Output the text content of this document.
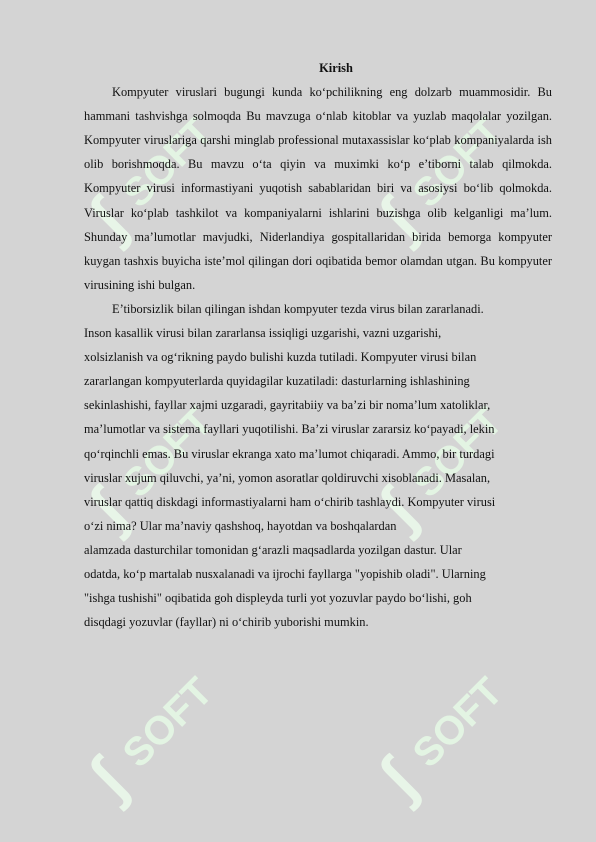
ʃ
SOFT
ʃ
SOFT
ʃ
SOFT
ʃ
SOFT
ʃ
SOFT
ʃ
SOFT

Kirish

Kompyuter viruslari bugungi kunda ko‘pchilikning eng dolzarb muammosidir. Bu hammani tashvishga solmoqda Bu mavzuga o‘nlab kitoblar va yuzlab maqolalar yozilgan. Kompyuter viruslariga qarshi minglab professional mutaxassislar ko‘plab kompaniyalarda ish olib borishmoqda. Bu mavzu o‘ta qiyin va muximki ko‘p e’tiborni talab qilmokda. Kompyuter virusi informastiyani yuqotish sabablaridan biri va asosiysi bo‘lib qolmokda. Viruslar ko‘plab tashkilot va kompaniyalarni ishlarini buzishga olib kelganligi ma’lum. Shunday ma’lumotlar mavjudki, Niderlandiya gospitallaridan birida bemorga kompyuter kuygan tashxis buyicha iste’mol qilingan dori oqibatida bemor olamdan utgan. Bu kompyuter virusining ishi bulgan.

E’tiborsizlik bilan qilingan ishdan kompyuter tezda virus bilan zararlanadi.
Inson kasallik virusi bilan zararlansa issiqligi uzgarishi, vazni uzgarishi,
xolsizlanish va og‘rikning paydo bulishi kuzda tutiladi. Kompyuter virusi bilan
zararlangan kompyuterlarda quyidagilar kuzatiladi: dasturlarning ishlashining
sekinlashishi, fayllar xajmi uzgaradi, gayritabiiy va ba’zi bir noma’lum xatoliklar,
ma’lumotlar va sistema fayllari yuqotilishi. Ba’zi viruslar zararsiz ko‘payadi, lekin
qo‘rqinchli emas. Bu viruslar ekranga xato ma’lumot chiqaradi. Ammo, bir turdagi
viruslar xujum qiluvchi, ya’ni, yomon asoratlar qoldiruvchi xisoblanadi. Masalan,
viruslar qattiq diskdagi informastiyalarni ham o‘chirib tashlaydi. Kompyuter virusi
o‘zi nima? Ular ma’naviy qashshoq, hayotdan va boshqalardan
alamzada dasturchilar tomonidan g‘arazli maqsadlarda yozilgan dastur. Ular
odatda, ko‘p martalab nusxalanadi va ijrochi fayllarga "yopishib oladi". Ularning
"ishga tushishi" oqibatida goh displeyda turli yot yozuvlar paydo bo‘lishi, goh
disqdagi yozuvlar (fayllar) ni o‘chirib yuborishi mumkin.
